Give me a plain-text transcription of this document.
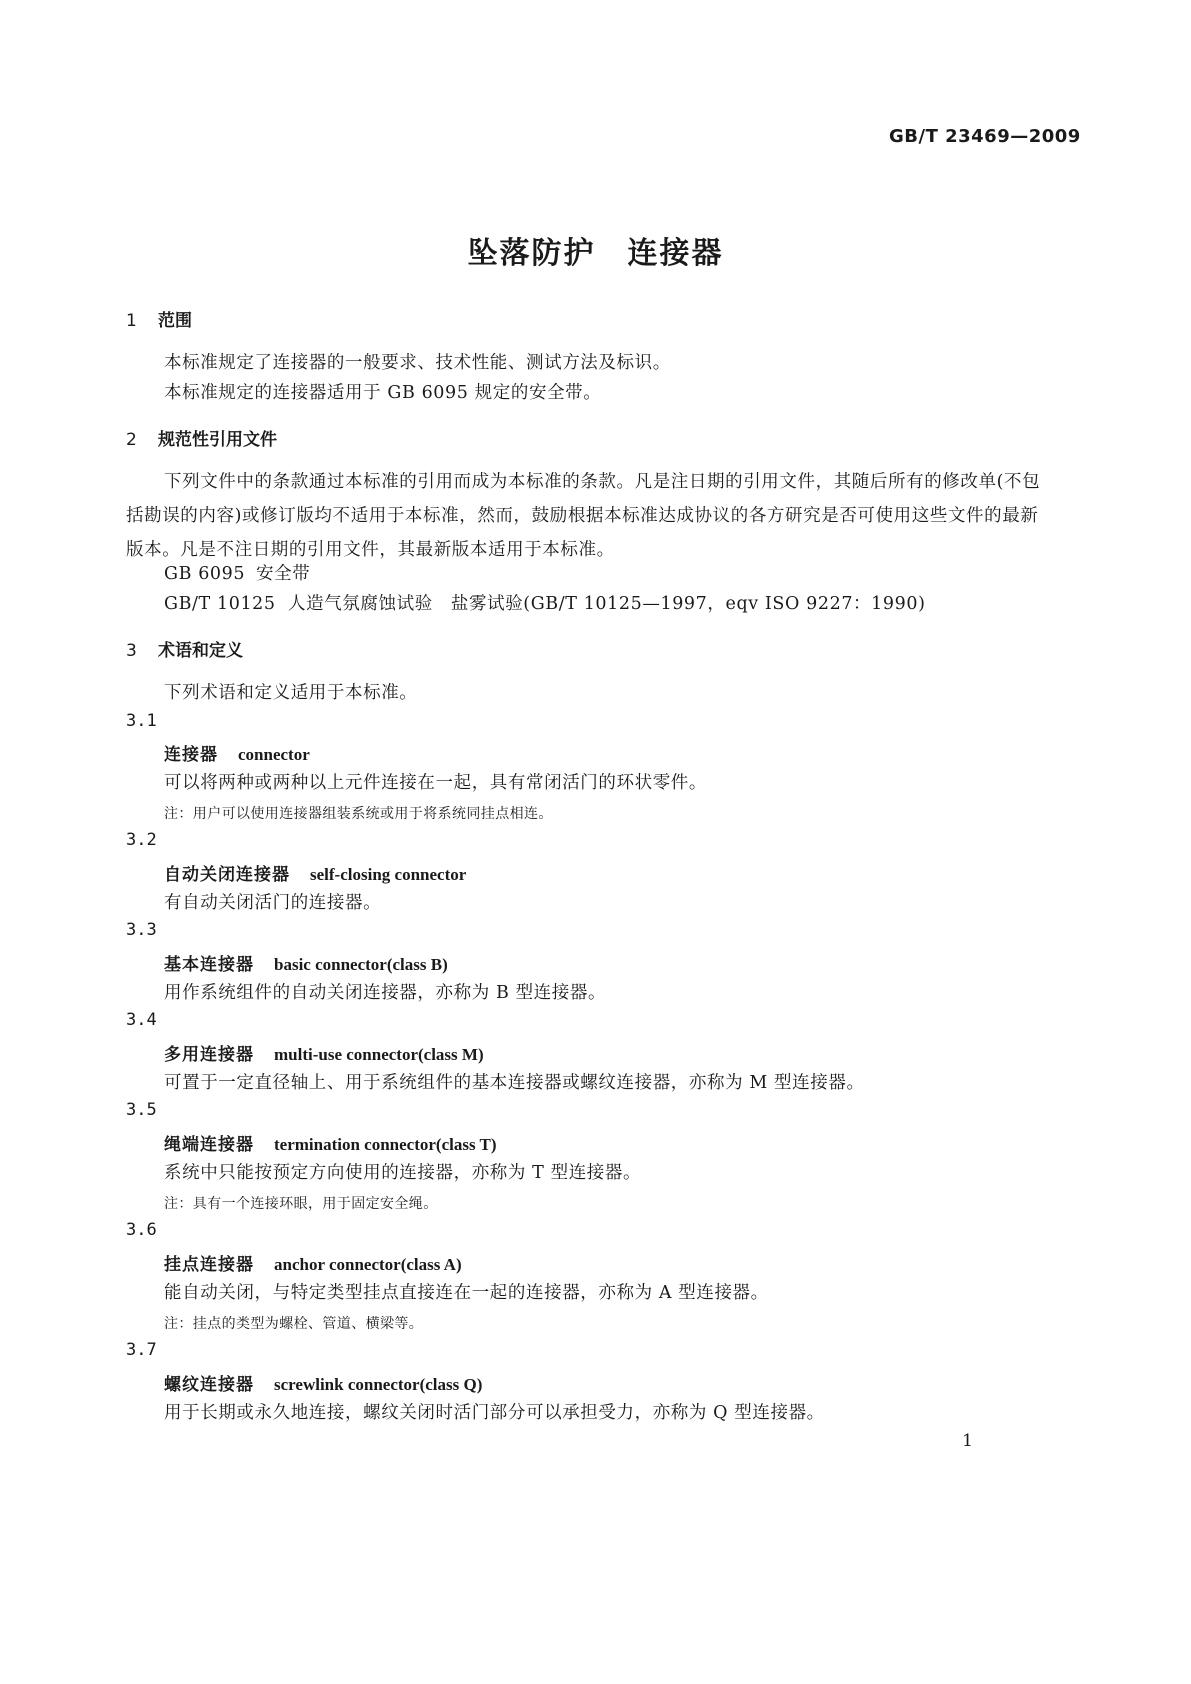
GB/T 23469—2009
坠落防护　连接器
1 范围
本标准规定了连接器的一般要求、技术性能、测试方法及标识。
本标准规定的连接器适用于 GB 6095 规定的安全带。
2 规范性引用文件
下列文件中的条款通过本标准的引用而成为本标准的条款。凡是注日期的引用文件，其随后所有的修改单(不包括勘误的内容)或修订版均不适用于本标准，然而，鼓励根据本标准达成协议的各方研究是否可使用这些文件的最新版本。凡是不注日期的引用文件，其最新版本适用于本标准。
GB 6095 安全带
GB/T 10125 人造气氛腐蚀试验　盐雾试验(GB/T 10125—1997，eqv ISO 9227：1990)
3 术语和定义
下列术语和定义适用于本标准。
3.1
连接器 connector
可以将两种或两种以上元件连接在一起，具有常闭活门的环状零件。
注：用户可以使用连接器组装系统或用于将系统同挂点相连。
3.2
自动关闭连接器 self-closing connector
有自动关闭活门的连接器。
3.3
基本连接器 basic connector(class B)
用作系统组件的自动关闭连接器，亦称为 B 型连接器。
3.4
多用连接器 multi-use connector(class M)
可置于一定直径轴上、用于系统组件的基本连接器或螺纹连接器，亦称为 M 型连接器。
3.5
绳端连接器 termination connector(class T)
系统中只能按预定方向使用的连接器，亦称为 T 型连接器。
注：具有一个连接环眼，用于固定安全绳。
3.6
挂点连接器 anchor connector(class A)
能自动关闭，与特定类型挂点直接连在一起的连接器，亦称为 A 型连接器。
注：挂点的类型为螺栓、管道、横梁等。
3.7
螺纹连接器 screwlink connector(class Q)
用于长期或永久地连接，螺纹关闭时活门部分可以承担受力，亦称为 Q 型连接器。
1
